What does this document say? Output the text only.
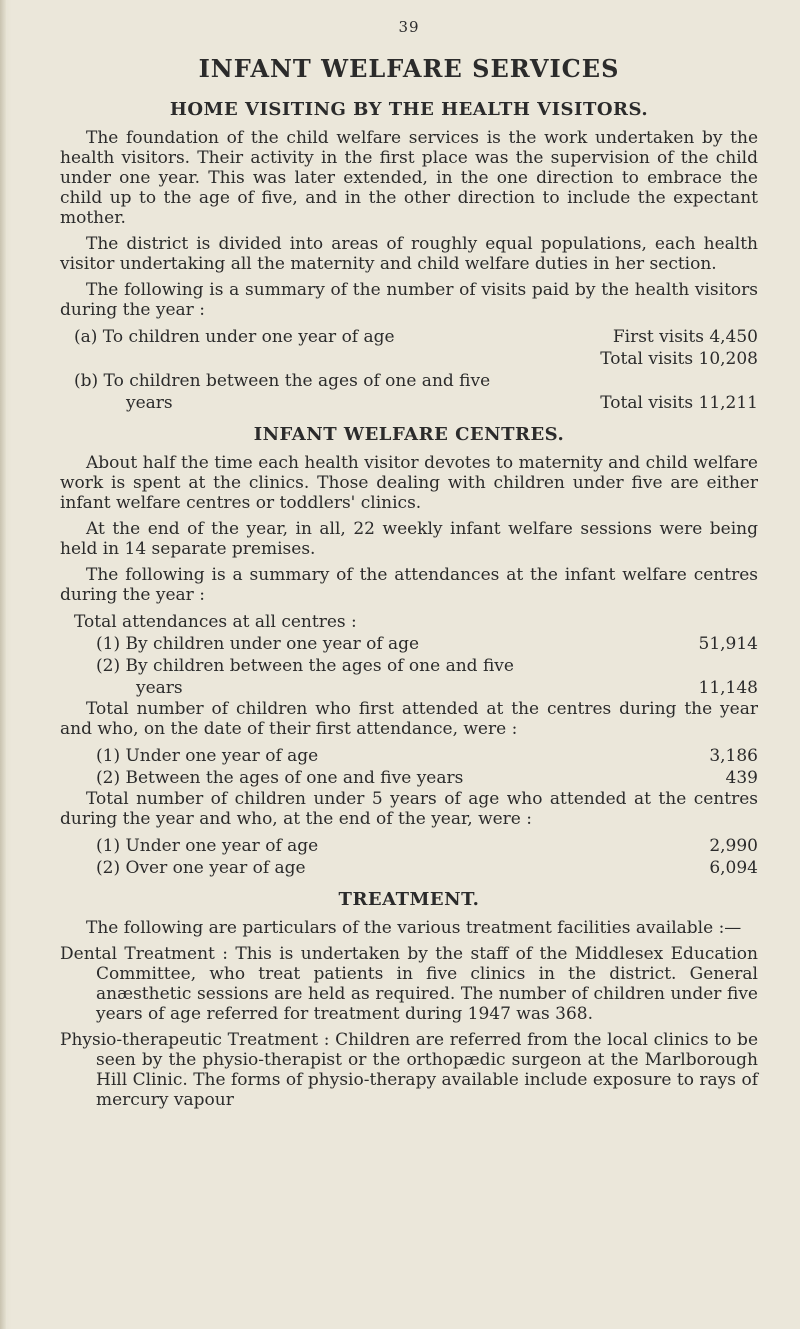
39
INFANT WELFARE SERVICES
HOME VISITING BY THE HEALTH VISITORS.

The foundation of the child welfare services is the work undertaken by the health visitors. Their activity in the first place was the supervision of the child under one year. This was later extended, in the one direction to embrace the child up to the age of five, and in the other direction to include the expectant mother.

The district is divided into areas of roughly equal populations, each health visitor undertaking all the maternity and child welfare duties in her section.

The following is a summary of the number of visits paid by the health visitors during the year :

(a) To children under one year of age	First visits 4,450
Total visits 10,208
(b) To children between the ages of one and five
years	Total visits 11,211
INFANT WELFARE CENTRES.

About half the time each health visitor devotes to maternity and child welfare work is spent at the clinics. Those dealing with children under five are either infant welfare centres or toddlers' clinics.

At the end of the year, in all, 22 weekly infant welfare sessions were being held in 14 separate premises.

The following is a summary of the attendances at the infant welfare centres during the year :

Total attendances at all centres :
(1) By children under one year of age	51,914
(2) By children between the ages of one and five
years	11,148

Total number of children who first attended at the centres during the year and who, on the date of their first attendance, were :

(1) Under one year of age	3,186
(2) Between the ages of one and five years	439

Total number of children under 5 years of age who attended at the centres during the year and who, at the end of the year, were :

(1) Under one year of age	2,990
(2) Over one year of age	6,094
TREATMENT.

The following are particulars of the various treatment facilities available :—

Dental Treatment : This is undertaken by the staff of the Middlesex Education Committee, who treat patients in five clinics in the district. General anæsthetic sessions are held as required. The number of children under five years of age referred for treatment during 1947 was 368.
Physio-therapeutic Treatment : Children are referred from the local clinics to be seen by the physio-therapist or the orthopædic surgeon at the Marlborough Hill Clinic. The forms of physio-therapy available include exposure to rays of mercury vapour
